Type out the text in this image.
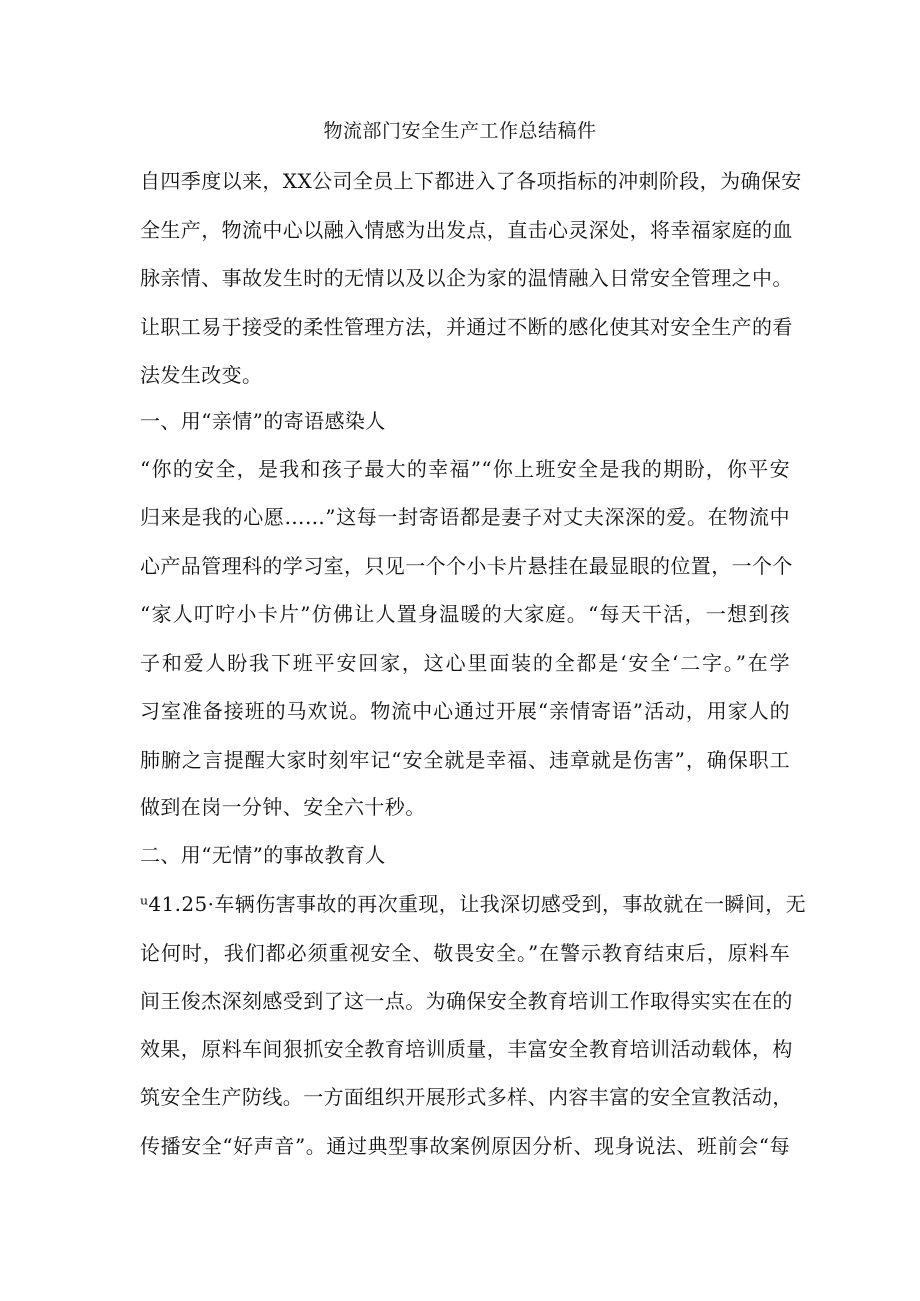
物流部门安全生产工作总结稿件
自四季度以来，XX公司全员上下都进入了各项指标的冲刺阶段，为确保安
全生产，物流中心以融入情感为出发点，直击心灵深处，将幸福家庭的血
脉亲情、事故发生时的无情以及以企为家的温情融入日常安全管理之中。
让职工易于接受的柔性管理方法，并通过不断的感化使其对安全生产的看
法发生改变。
一、用“亲情”的寄语感染人
“你的安全，是我和孩子最大的幸福”“你上班安全是我的期盼，你平安
归来是我的心愿……”这每一封寄语都是妻子对丈夫深深的爱。在物流中
心产品管理科的学习室，只见一个个小卡片悬挂在最显眼的位置，一个个
“家人叮咛小卡片”仿佛让人置身温暖的大家庭。“每天干活，一想到孩
子和爱人盼我下班平安回家，这心里面装的全都是‘安全‘二字。”在学
习室准备接班的马欢说。物流中心通过开展“亲情寄语”活动，用家人的
肺腑之言提醒大家时刻牢记“安全就是幸福、违章就是伤害”，确保职工
做到在岗一分钟、安全六十秒。
二、用“无情”的事故教育人
ᵘ41.25·车辆伤害事故的再次重现，让我深切感受到，事故就在一瞬间，无
论何时，我们都必须重视安全、敬畏安全。”在警示教育结束后，原料车
间王俊杰深刻感受到了这一点。为确保安全教育培训工作取得实实在在的
效果，原料车间狠抓安全教育培训质量，丰富安全教育培训活动载体，构
筑安全生产防线。一方面组织开展形式多样、内容丰富的安全宣教活动，
传播安全“好声音”。通过典型事故案例原因分析、现身说法、班前会“每
